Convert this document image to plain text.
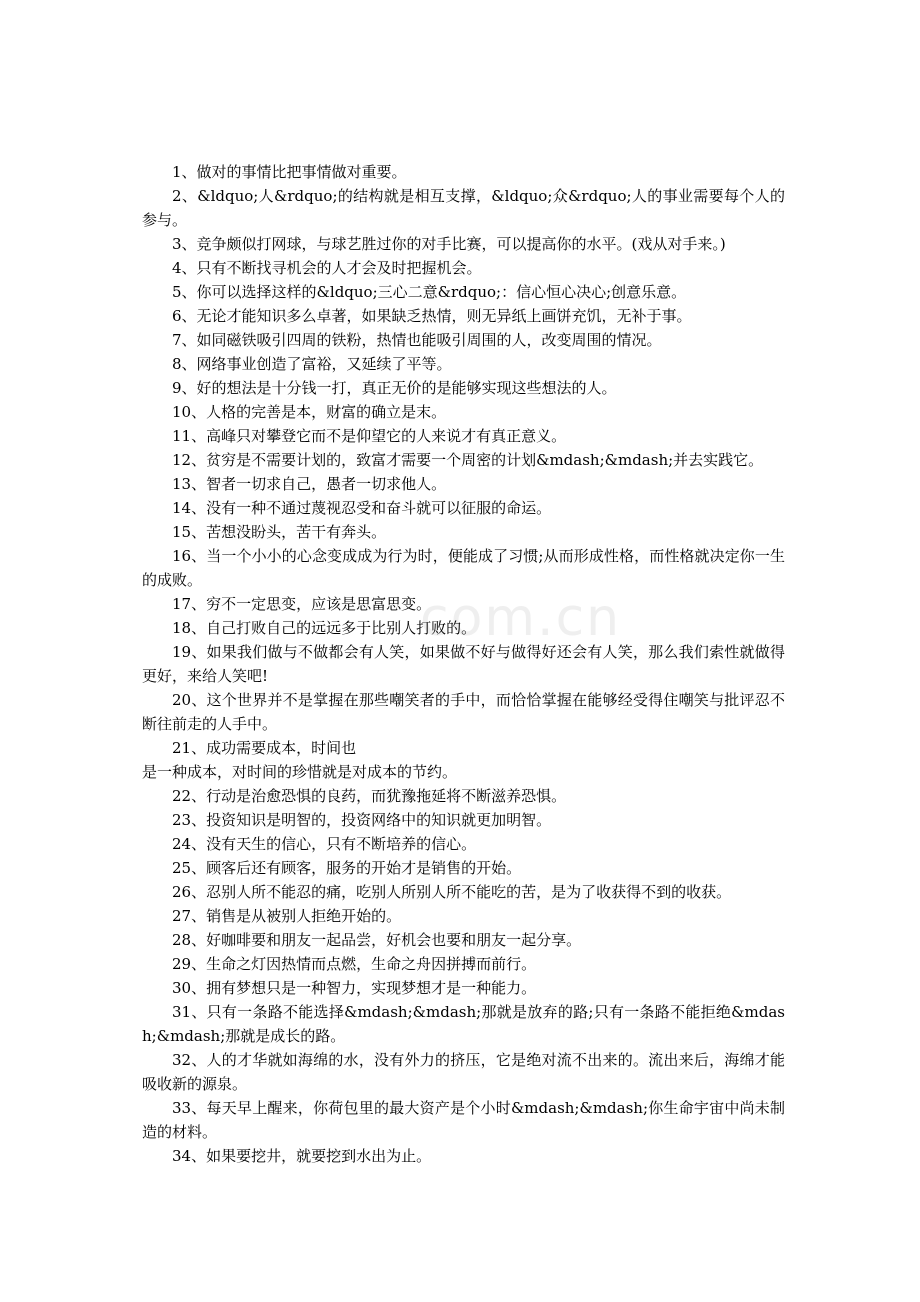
com.cn

1、做对的事情比把事情做对重要。

2、&ldquo;人&rdquo;的结构就是相互支撑，&ldquo;众&rdquo;人的事业需要每个人的参与。

3、竞争颇似打网球，与球艺胜过你的对手比赛，可以提高你的水平。(戏从对手来。)

4、只有不断找寻机会的人才会及时把握机会。

5、你可以选择这样的&ldquo;三心二意&rdquo;：信心恒心决心;创意乐意。

6、无论才能知识多么卓著，如果缺乏热情，则无异纸上画饼充饥，无补于事。

7、如同磁铁吸引四周的铁粉，热情也能吸引周围的人，改变周围的情况。

8、网络事业创造了富裕，又延续了平等。

9、好的想法是十分钱一打，真正无价的是能够实现这些想法的人。

10、人格的完善是本，财富的确立是末。

11、高峰只对攀登它而不是仰望它的人来说才有真正意义。

12、贫穷是不需要计划的，致富才需要一个周密的计划&mdash;&mdash;并去实践它。

13、智者一切求自己，愚者一切求他人。

14、没有一种不通过蔑视忍受和奋斗就可以征服的命运。

15、苦想没盼头，苦干有奔头。

16、当一个小小的心念变成成为行为时，便能成了习惯;从而形成性格，而性格就决定你一生的成败。

17、穷不一定思变，应该是思富思变。

18、自己打败自己的远远多于比别人打败的。

19、如果我们做与不做都会有人笑，如果做不好与做得好还会有人笑，那么我们索性就做得更好，来给人笑吧!

20、这个世界并不是掌握在那些嘲笑者的手中，而恰恰掌握在能够经受得住嘲笑与批评忍不断往前走的人手中。

21、成功需要成本，时间也

是一种成本，对时间的珍惜就是对成本的节约。

22、行动是治愈恐惧的良药，而犹豫拖延将不断滋养恐惧。

23、投资知识是明智的，投资网络中的知识就更加明智。

24、没有天生的信心，只有不断培养的信心。

25、顾客后还有顾客，服务的开始才是销售的开始。

26、忍别人所不能忍的痛，吃别人所别人所不能吃的苦，是为了收获得不到的收获。

27、销售是从被别人拒绝开始的。

28、好咖啡要和朋友一起品尝，好机会也要和朋友一起分享。

29、生命之灯因热情而点燃，生命之舟因拼搏而前行。

30、拥有梦想只是一种智力，实现梦想才是一种能力。

31、只有一条路不能选择&mdash;&mdash;那就是放弃的路;只有一条路不能拒绝&mdash;&mdash;那就是成长的路。

32、人的才华就如海绵的水，没有外力的挤压，它是绝对流不出来的。流出来后，海绵才能吸收新的源泉。

33、每天早上醒来，你荷包里的最大资产是个小时&mdash;&mdash;你生命宇宙中尚未制造的材料。

34、如果要挖井，就要挖到水出为止。
